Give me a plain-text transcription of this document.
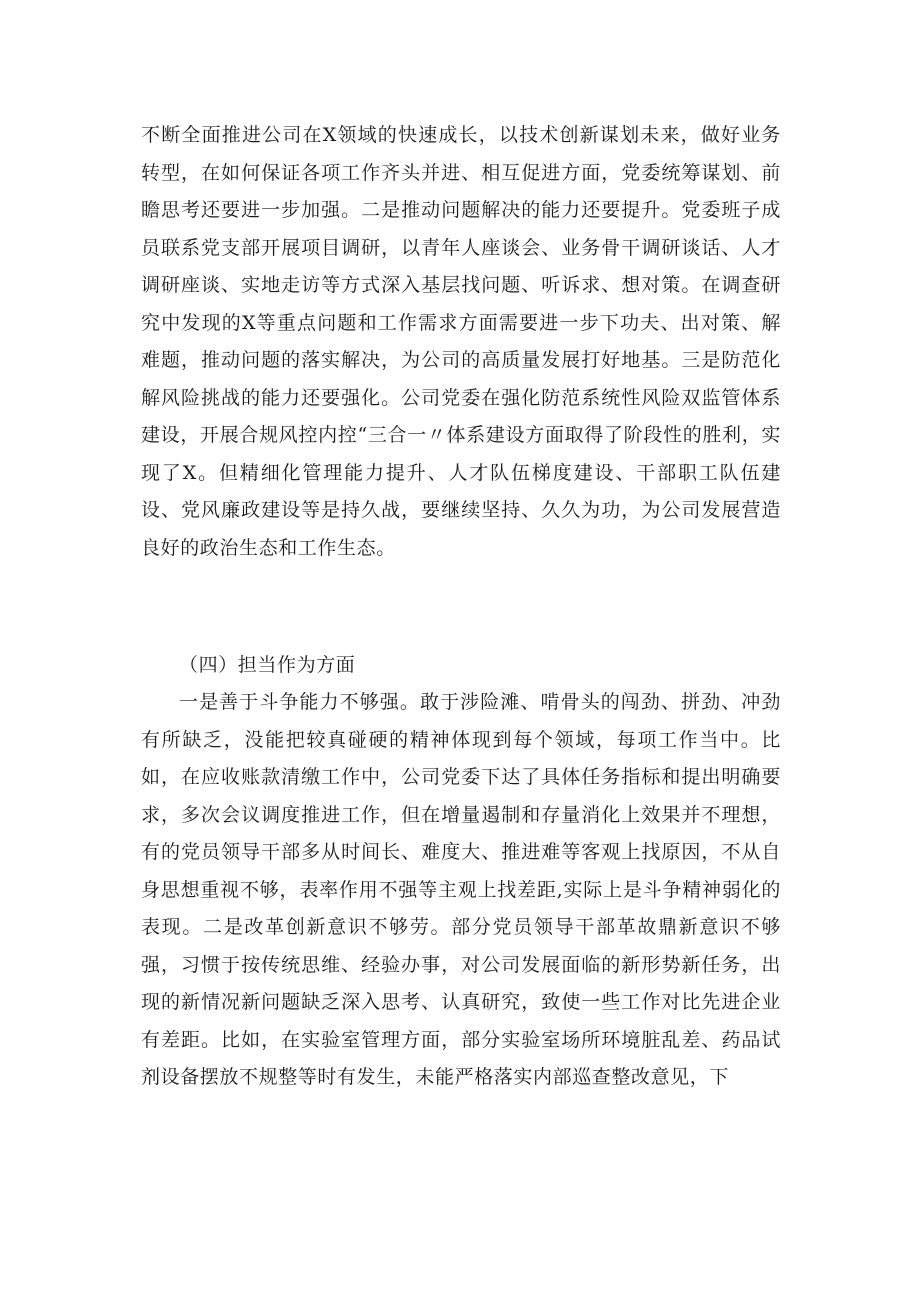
不断全面推进公司在X领域的快速成长，以技术创新谋划未来，做好业务转型，在如何保证各项工作齐头并进、相互促进方面，党委统筹谋划、前瞻思考还要进一步加强。二是推动问题解决的能力还要提升。党委班子成员联系党支部开展项目调研，以青年人座谈会、业务骨干调研谈话、人才调研座谈、实地走访等方式深入基层找问题、听诉求、想对策。在调查研究中发现的X等重点问题和工作需求方面需要进一步下功夫、出对策、解难题，推动问题的落实解决，为公司的高质量发展打好地基。三是防范化解风险挑战的能力还要强化。公司党委在强化防范系统性风险双监管体系建设，开展合规风控内控“三合一〃体系建设方面取得了阶段性的胜利，实现了X。但精细化管理能力提升、人才队伍梯度建设、干部职工队伍建设、党风廉政建设等是持久战，要继续坚持、久久为功，为公司发展营造良好的政治生态和工作生态。

（四）担当作为方面

一是善于斗争能力不够强。敢于涉险滩、啃骨头的闯劲、拼劲、冲劲有所缺乏，没能把较真碰硬的精神体现到每个领域，每项工作当中。比如，在应收账款清缴工作中，公司党委下达了具体任务指标和提出明确要求，多次会议调度推进工作，但在增量遏制和存量消化上效果并不理想，有的党员领导干部多从时间长、难度大、推进难等客观上找原因，不从自身思想重视不够，表率作用不强等主观上找差距,实际上是斗争精神弱化的表现。二是改革创新意识不够劳。部分党员领导干部革故鼎新意识不够强，习惯于按传统思维、经验办事，对公司发展面临的新形势新任务，出现的新情况新问题缺乏深入思考、认真研究，致使一些工作对比先进企业有差距。比如，在实验室管理方面，部分实验室场所环境脏乱差、药品试剂设备摆放不规整等时有发生，未能严格落实内部巡查整改意见，下
